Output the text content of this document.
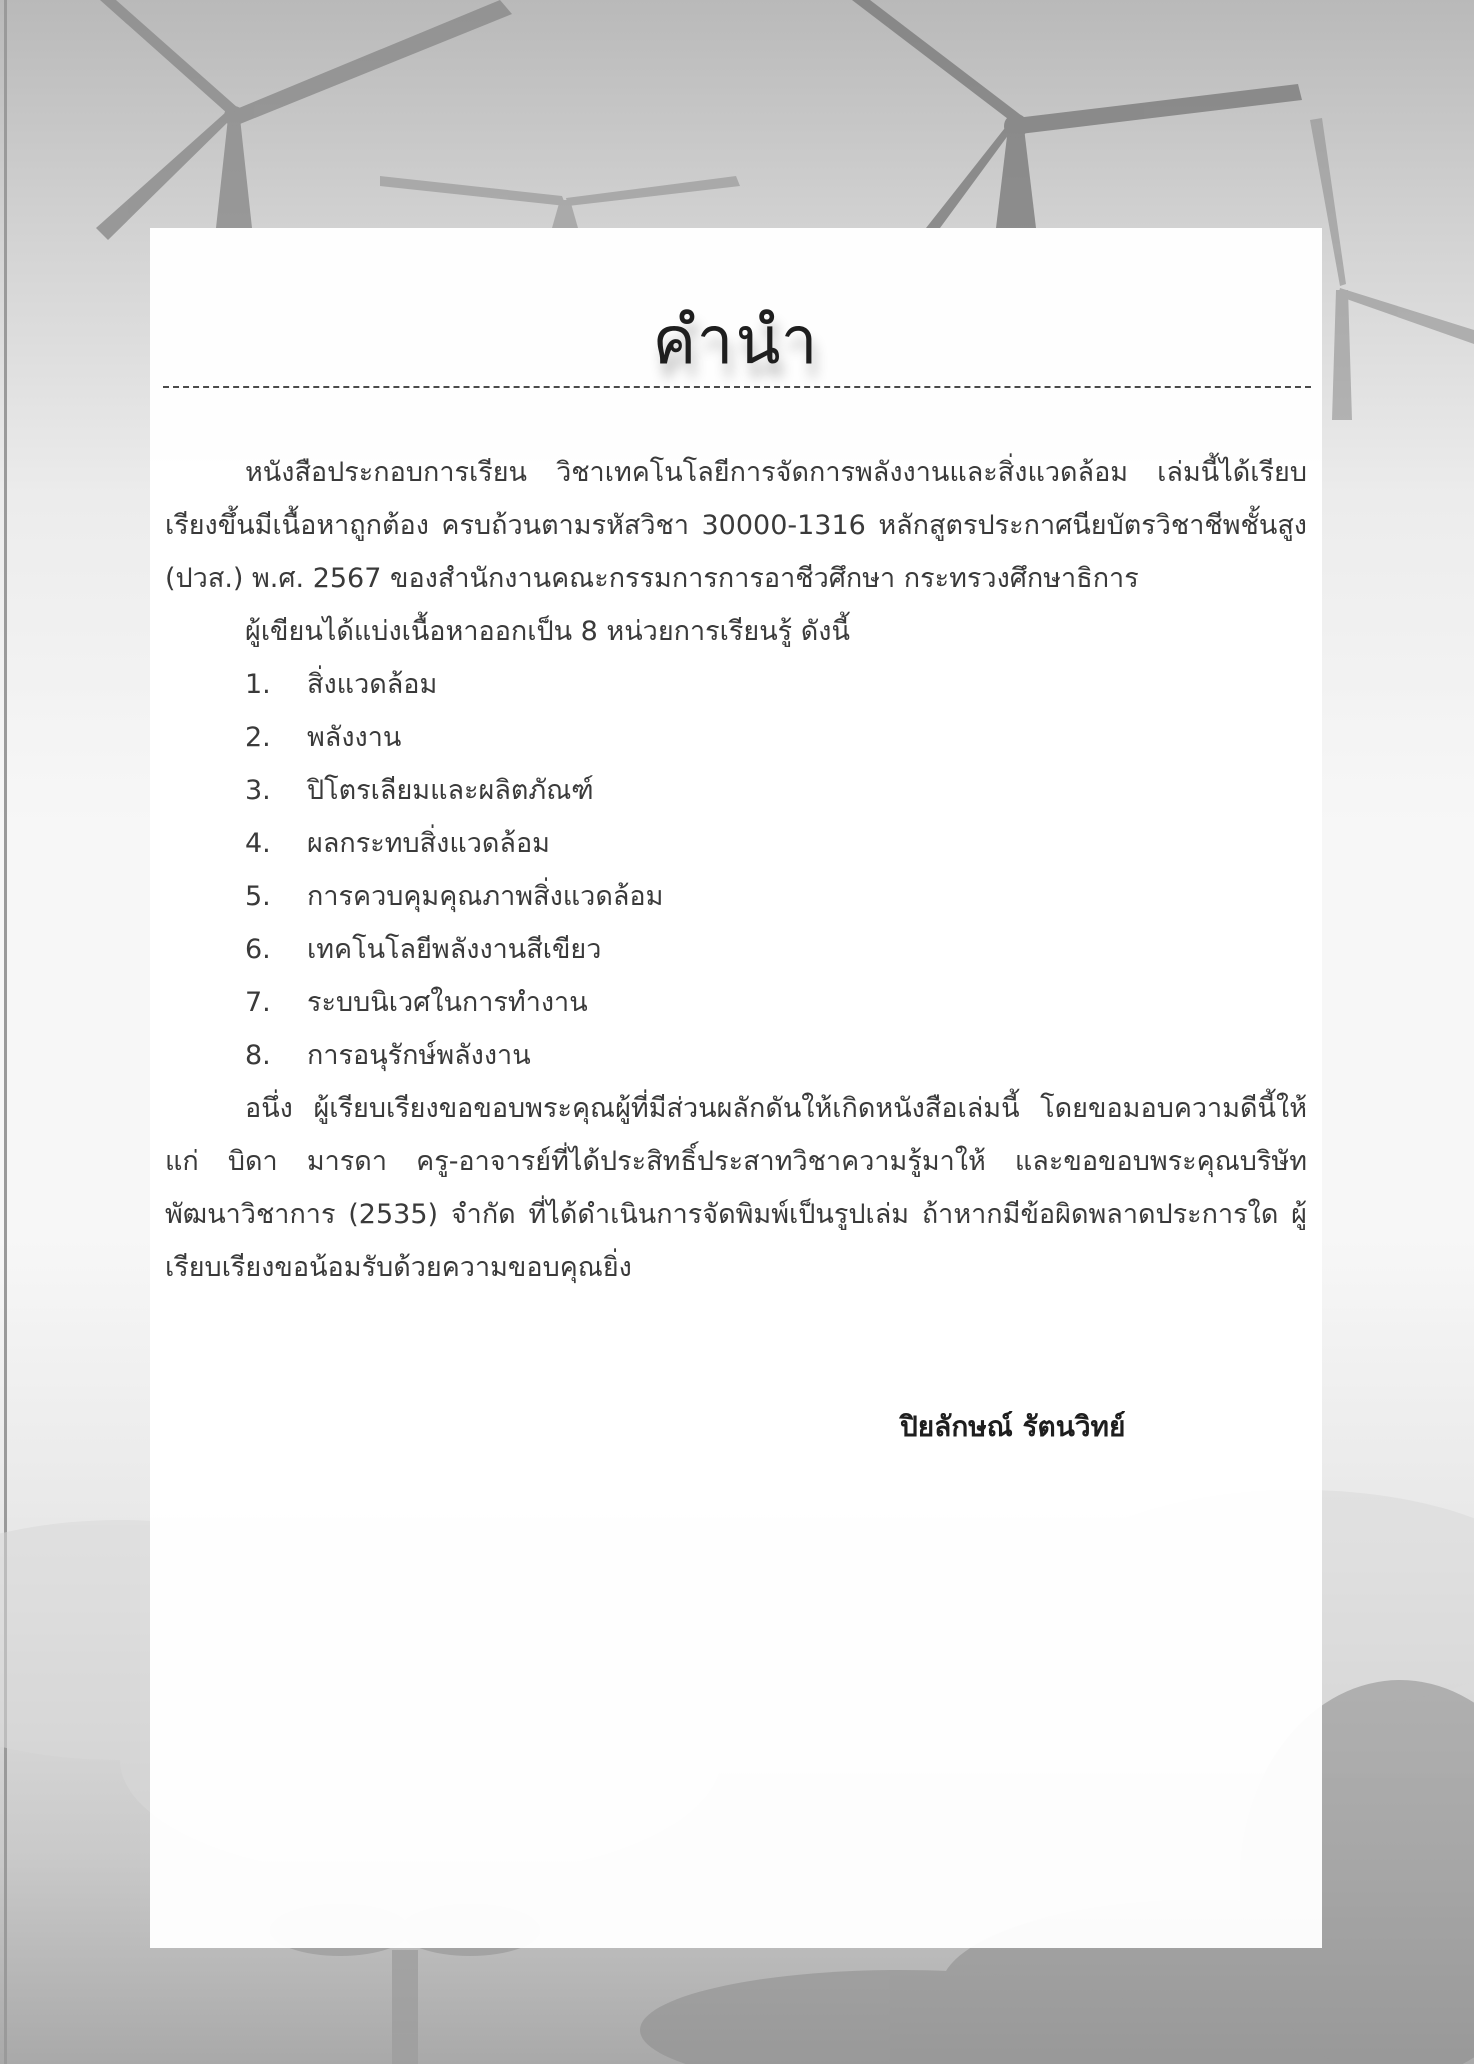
คำนำ

หนังสือประกอบการเรียน วิชาเทคโนโลยีการจัดการพลังงานและสิ่งแวดล้อม เล่มนี้ได้เรียบเรียงขึ้นมีเนื้อหาถูกต้อง ครบถ้วนตามรหัสวิชา 30000-1316 หลักสูตรประกาศนียบัตรวิชาชีพชั้นสูง (ปวส.) พ.ศ. 2567 ของสำนักงานคณะกรรมการการอาชีวศึกษา กระทรวงศึกษาธิการ

ผู้เขียนได้แบ่งเนื้อหาออกเป็น 8 หน่วยการเรียนรู้ ดังนี้

1.	สิ่งแวดล้อม
2.	พลังงาน
3.	ปิโตรเลียมและผลิตภัณฑ์
4.	ผลกระทบสิ่งแวดล้อม
5.	การควบคุมคุณภาพสิ่งแวดล้อม
6.	เทคโนโลยีพลังงานสีเขียว
7.	ระบบนิเวศในการทำงาน
8.	การอนุรักษ์พลังงาน

อนึ่ง ผู้เรียบเรียงขอขอบพระคุณผู้ที่มีส่วนผลักดันให้เกิดหนังสือเล่มนี้ โดยขอมอบความดีนี้ให้แก่ บิดา มารดา ครู-อาจารย์ที่ได้ประสิทธิ์ประสาทวิชาความรู้มาให้ และขอขอบพระคุณบริษัท พัฒนาวิชาการ (2535) จำกัด ที่ได้ดำเนินการจัดพิมพ์เป็นรูปเล่ม ถ้าหากมีข้อผิดพลาดประการใด ผู้เรียบเรียงขอน้อมรับด้วยความขอบคุณยิ่ง

ปิยลักษณ์ รัตนวิทย์
